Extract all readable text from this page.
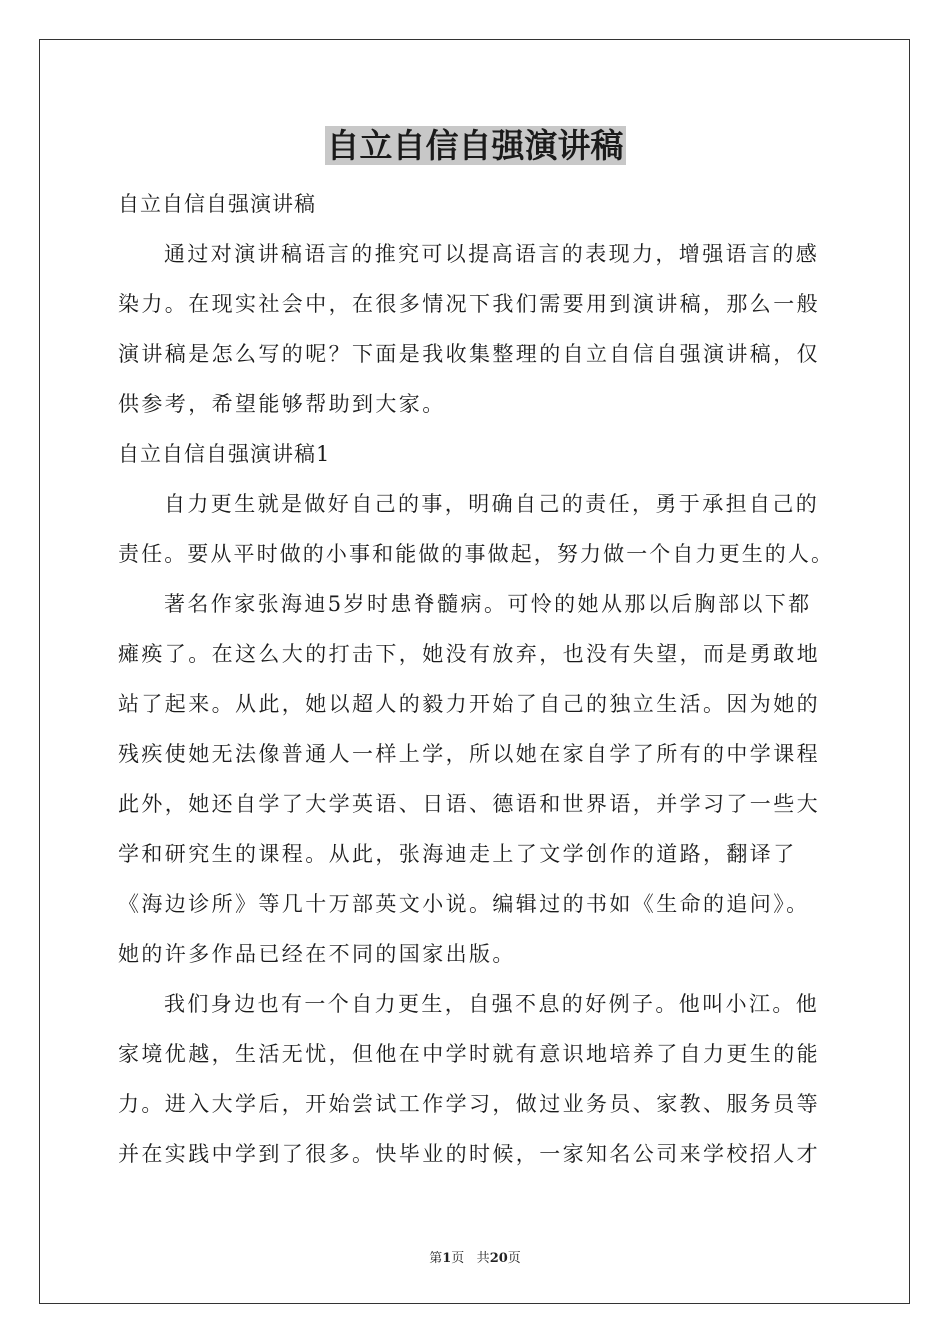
自立自信自强演讲稿
自立自信自强演讲稿
通过对演讲稿语言的推究可以提高语言的表现力，增强语言的感
染力。在现实社会中，在很多情况下我们需要用到演讲稿，那么一般
演讲稿是怎么写的呢？下面是我收集整理的自立自信自强演讲稿，仅
供参考，希望能够帮助到大家。
自立自信自强演讲稿1
自力更生就是做好自己的事，明确自己的责任，勇于承担自己的
责任。要从平时做的小事和能做的事做起，努力做一个自力更生的人。
著名作家张海迪5岁时患脊髓病。可怜的她从那以后胸部以下都
瘫痪了。在这么大的打击下，她没有放弃，也没有失望，而是勇敢地
站了起来。从此，她以超人的毅力开始了自己的独立生活。因为她的
残疾使她无法像普通人一样上学，所以她在家自学了所有的中学课程
此外，她还自学了大学英语、日语、德语和世界语，并学习了一些大
学和研究生的课程。从此，张海迪走上了文学创作的道路，翻译了
《海边诊所》等几十万部英文小说。编辑过的书如《生命的追问》。
她的许多作品已经在不同的国家出版。
我们身边也有一个自力更生，自强不息的好例子。他叫小江。他
家境优越，生活无忧，但他在中学时就有意识地培养了自力更生的能
力。进入大学后，开始尝试工作学习，做过业务员、家教、服务员等
并在实践中学到了很多。快毕业的时候，一家知名公司来学校招人才
第1页 共20页
